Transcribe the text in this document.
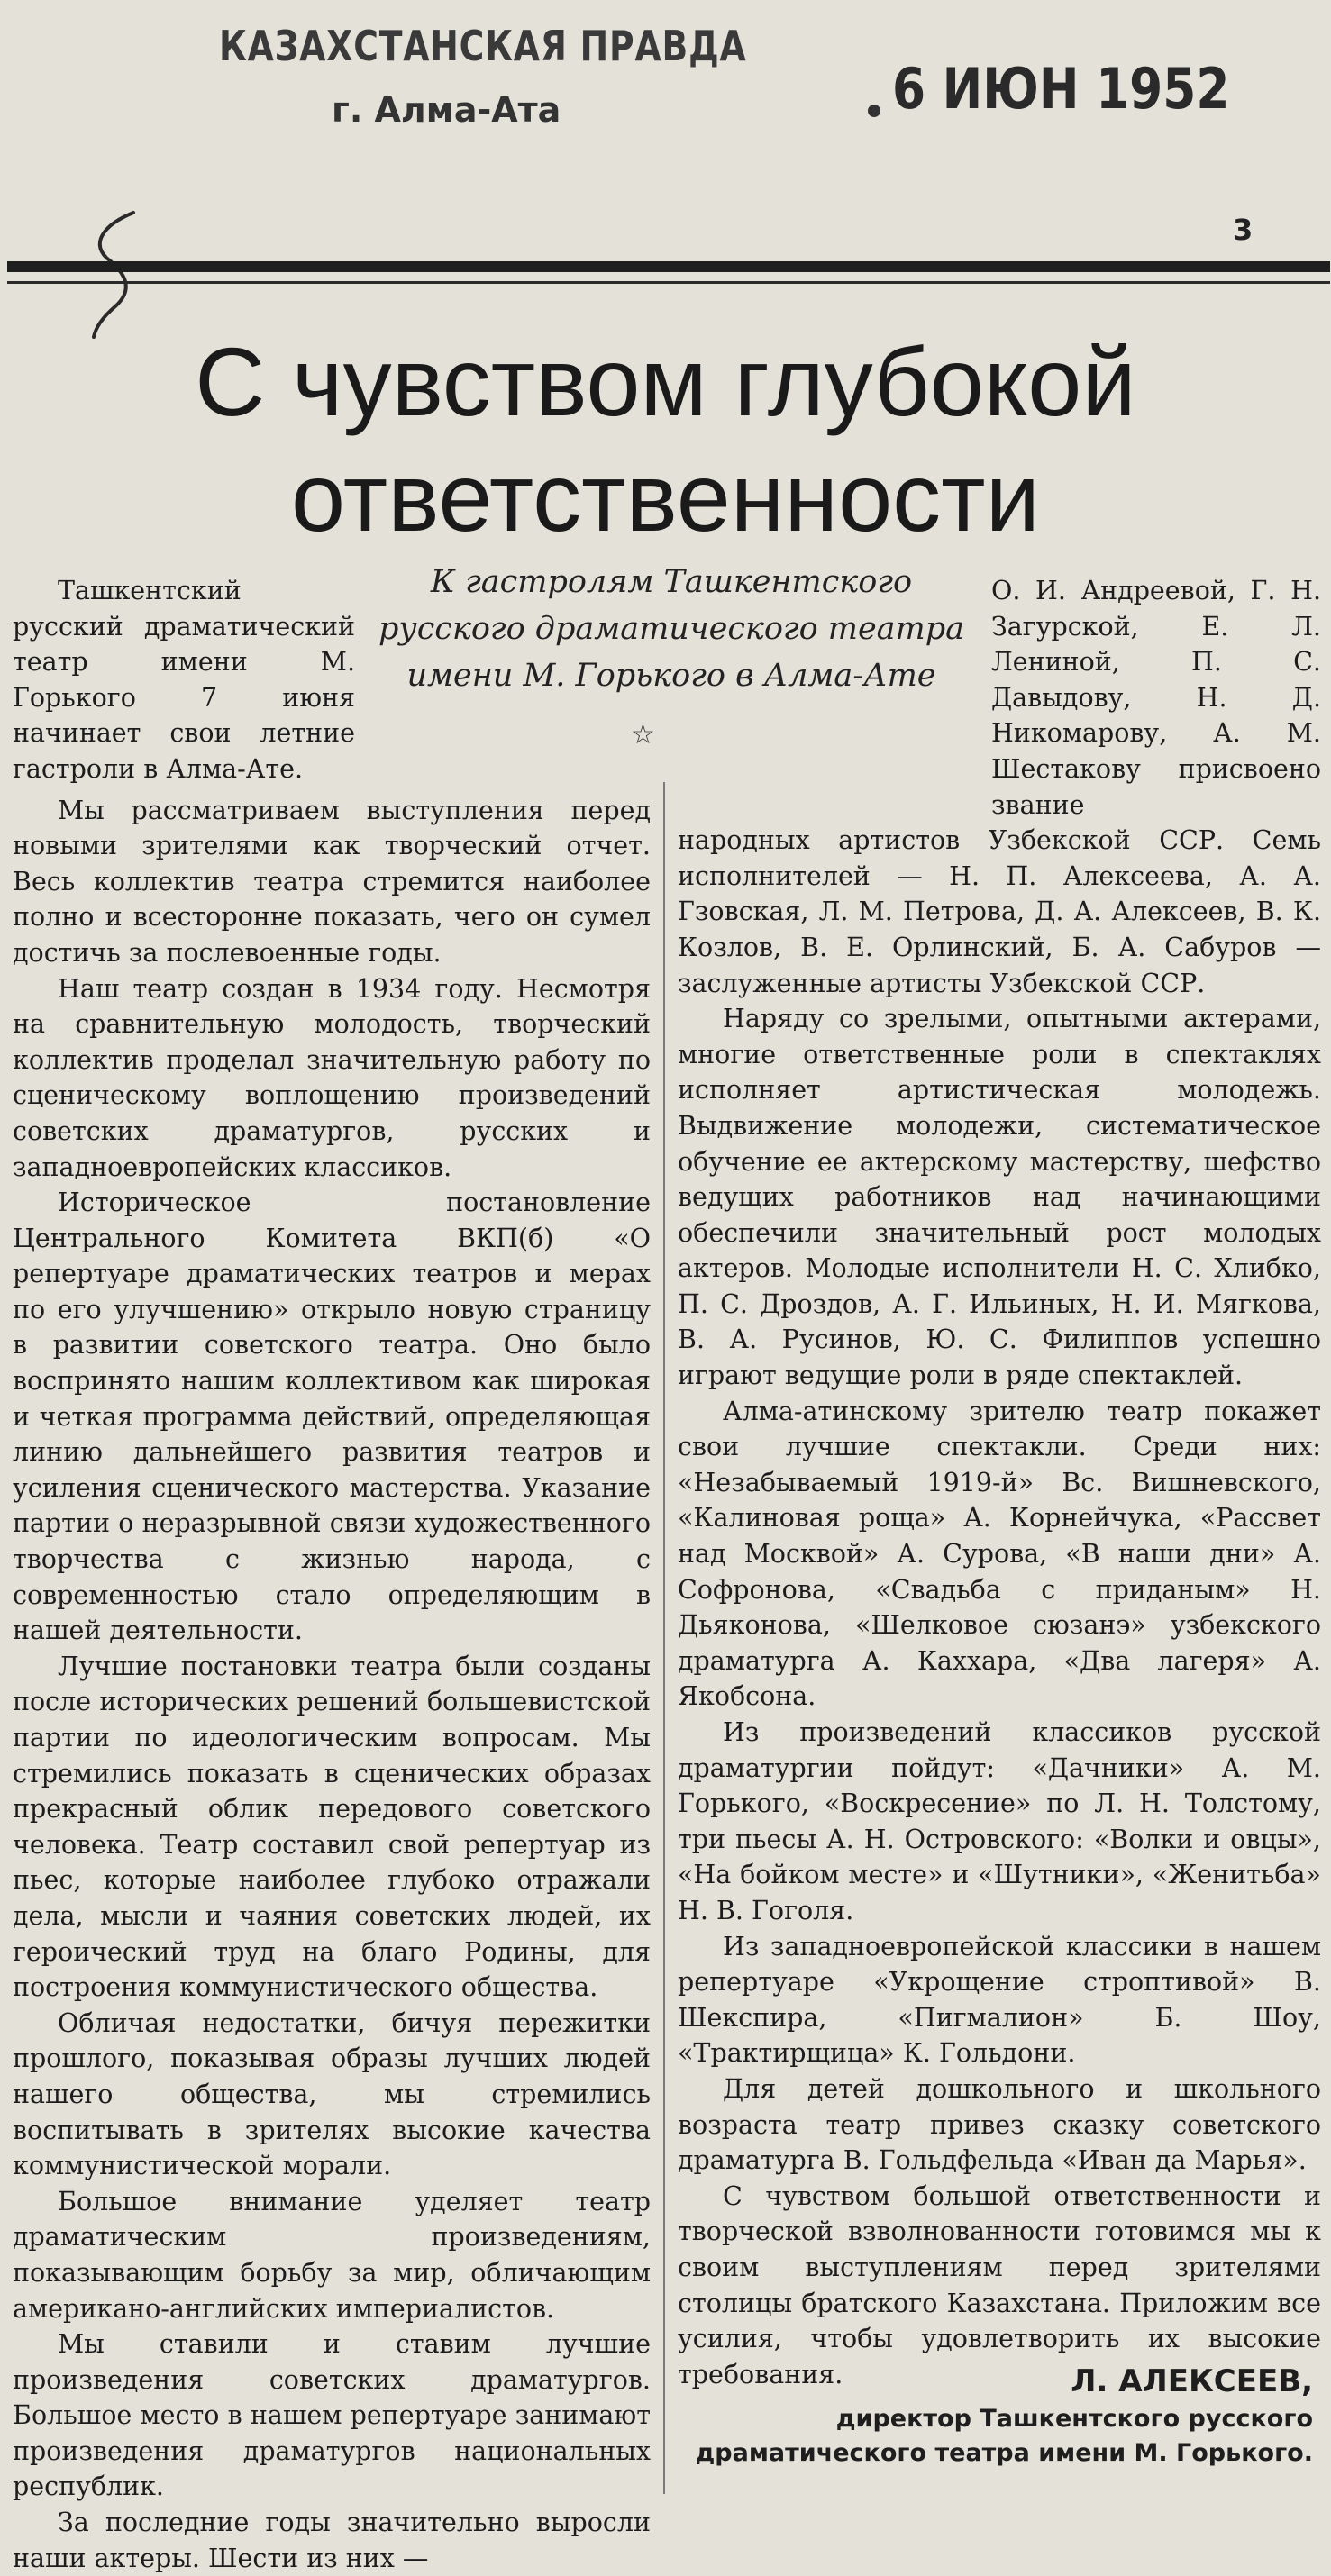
КАЗАХСТАНСКАЯ ПРАВДА
г. Алма-Ата	6 ИЮН 1952
3
С чувством глубокой
ответственности
К гастролям Ташкентского русского драматического театра имени М. Горького в Алма-Ате
☆

Ташкентский русский драматический театр имени М. Горького 7 июня начинает свои летние гастроли в Алма-Ате.

Мы рассматриваем выступления перед новыми зрителями как творческий отчет. Весь коллектив театра стремится наиболее полно и всесторонне показать, чего он сумел достичь за послевоенные годы.

Наш театр создан в 1934 году. Несмотря на сравнительную молодость, творческий коллектив проделал значительную работу по сценическому воплощению произведений советских драматургов, русских и западноевропейских классиков.

Историческое постановление Центрального Комитета ВКП(б) «О репертуаре драматических театров и мерах по его улучшению» открыло новую страницу в развитии советского театра. Оно было воспринято нашим коллективом как широкая и четкая программа действий, определяющая линию дальнейшего развития театров и усиления сценического мастерства. Указание партии о неразрывной связи художественного творчества с жизнью народа, с современностью стало определяющим в нашей деятельности.

Лучшие постановки театра были созданы после исторических решений большевистской партии по идеологическим вопросам. Мы стремились показать в сценических образах прекрасный облик передового советского человека. Театр составил свой репертуар из пьес, которые наиболее глубоко отражали дела, мысли и чаяния советских людей, их героический труд на благо Родины, для построения коммунистического общества.

Обличая недостатки, бичуя пережитки прошлого, показывая образы лучших людей нашего общества, мы стремились воспитывать в зрителях высокие качества коммунистической морали.

Большое внимание уделяет театр драматическим произведениям, показывающим борьбу за мир, обличающим американо-английских империалистов.

Мы ставили и ставим лучшие произведения советских драматургов. Большое место в нашем репертуаре занимают произведения драматургов национальных республик.

За последние годы значительно выросли наши актеры. Шести из них —

О. И. Андреевой, Г. Н. Загурской, Е. Л. Лениной, П. С. Давыдову, Н. Д. Никомарову, А. М. Шестакову присвоено звание

народных артистов Узбекской ССР. Семь исполнителей — Н. П. Алексеева, А. А. Гзовская, Л. М. Петрова, Д. А. Алексеев, В. К. Козлов, В. Е. Орлинский, Б. А. Сабуров — заслуженные артисты Узбекской ССР.

Наряду со зрелыми, опытными актерами, многие ответственные роли в спектаклях исполняет артистическая молодежь. Выдвижение молодежи, систематическое обучение ее актерскому мастерству, шефство ведущих работников над начинающими обеспечили значительный рост молодых актеров. Молодые исполнители Н. С. Хлибко, П. С. Дроздов, А. Г. Ильиных, Н. И. Мягкова, В. А. Русинов, Ю. С. Филиппов успешно играют ведущие роли в ряде спектаклей.

Алма-атинскому зрителю театр покажет свои лучшие спектакли. Среди них: «Незабываемый 1919-й» Вс. Вишневского, «Калиновая роща» А. Корнейчука, «Рассвет над Москвой» А. Сурова, «В наши дни» А. Софронова, «Свадьба с приданым» Н. Дьяконова, «Шелковое сюзанэ» узбекского драматурга А. Каххара, «Два лагеря» А. Якобсона.

Из произведений классиков русской драматургии пойдут: «Дачники» А. М. Горького, «Воскресение» по Л. Н. Толстому, три пьесы А. Н. Островского: «Волки и овцы», «На бойком месте» и «Шутники», «Женитьба» Н. В. Гоголя.

Из западноевропейской классики в нашем репертуаре «Укрощение строптивой» В. Шекспира, «Пигмалион» Б. Шоу, «Трактирщица» К. Гольдони.

Для детей дошкольного и школьного возраста театр привез сказку советского драматурга В. Гольдфельда «Иван да Марья».

С чувством большой ответственности и творческой взволнованности готовимся мы к своим выступлениям перед зрителями столицы братского Казахстана. Приложим все усилия, чтобы удовлетворить их высокие требования.	Л. АЛЕКСЕЕВ,
директор Ташкентского русского драматического театра имени М. Горького.
